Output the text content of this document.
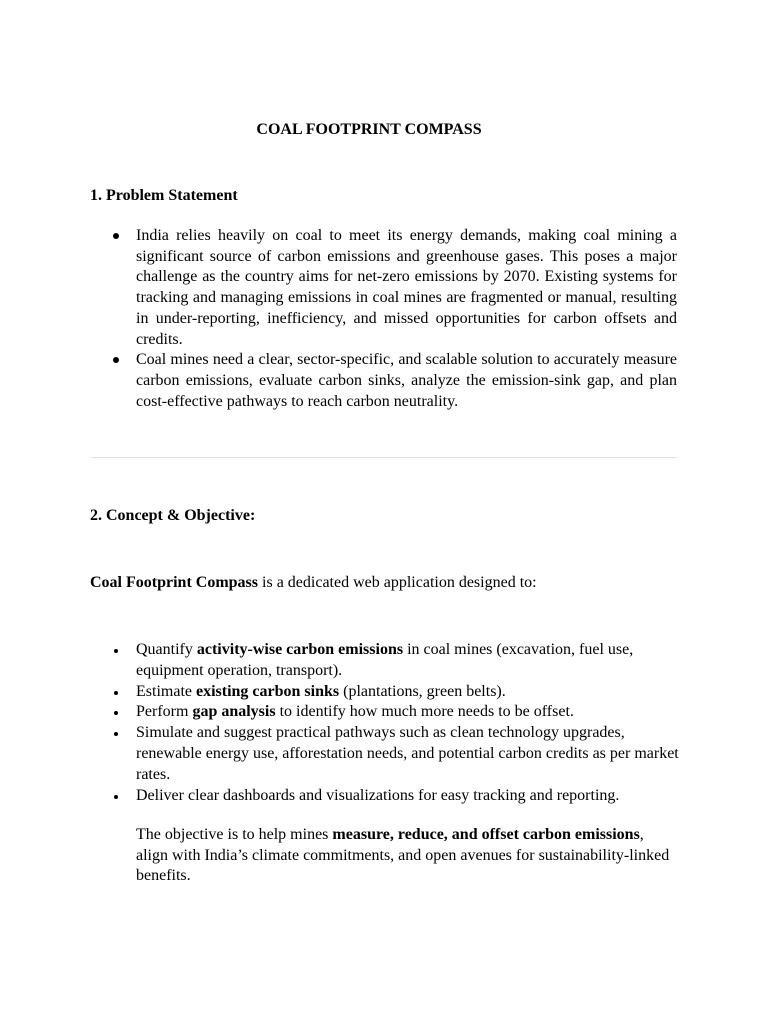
COAL FOOTPRINT COMPASS
1. Problem Statement
India relies heavily on coal to meet its energy demands, making coal mining a significant source of carbon emissions and greenhouse gases. This poses a major challenge as the country aims for net-zero emissions by 2070. Existing systems for tracking and managing emissions in coal mines are fragmented or manual, resulting in under-reporting, inefficiency, and missed opportunities for carbon offsets and credits.
Coal mines need a clear, sector-specific, and scalable solution to accurately measure carbon emissions, evaluate carbon sinks, analyze the emission-sink gap, and plan cost-effective pathways to reach carbon neutrality.
2. Concept & Objective:

Coal Footprint Compass is a dedicated web application designed to:

Quantify activity-wise carbon emissions in coal mines (excavation, fuel use, equipment operation, transport).
Estimate existing carbon sinks (plantations, green belts).
Perform gap analysis to identify how much more needs to be offset.
Simulate and suggest practical pathways such as clean technology upgrades, renewable energy use, afforestation needs, and potential carbon credits as per market rates.
Deliver clear dashboards and visualizations for easy tracking and reporting.

The objective is to help mines measure, reduce, and offset carbon emissions, align with India’s climate commitments, and open avenues for sustainability-linked benefits.
